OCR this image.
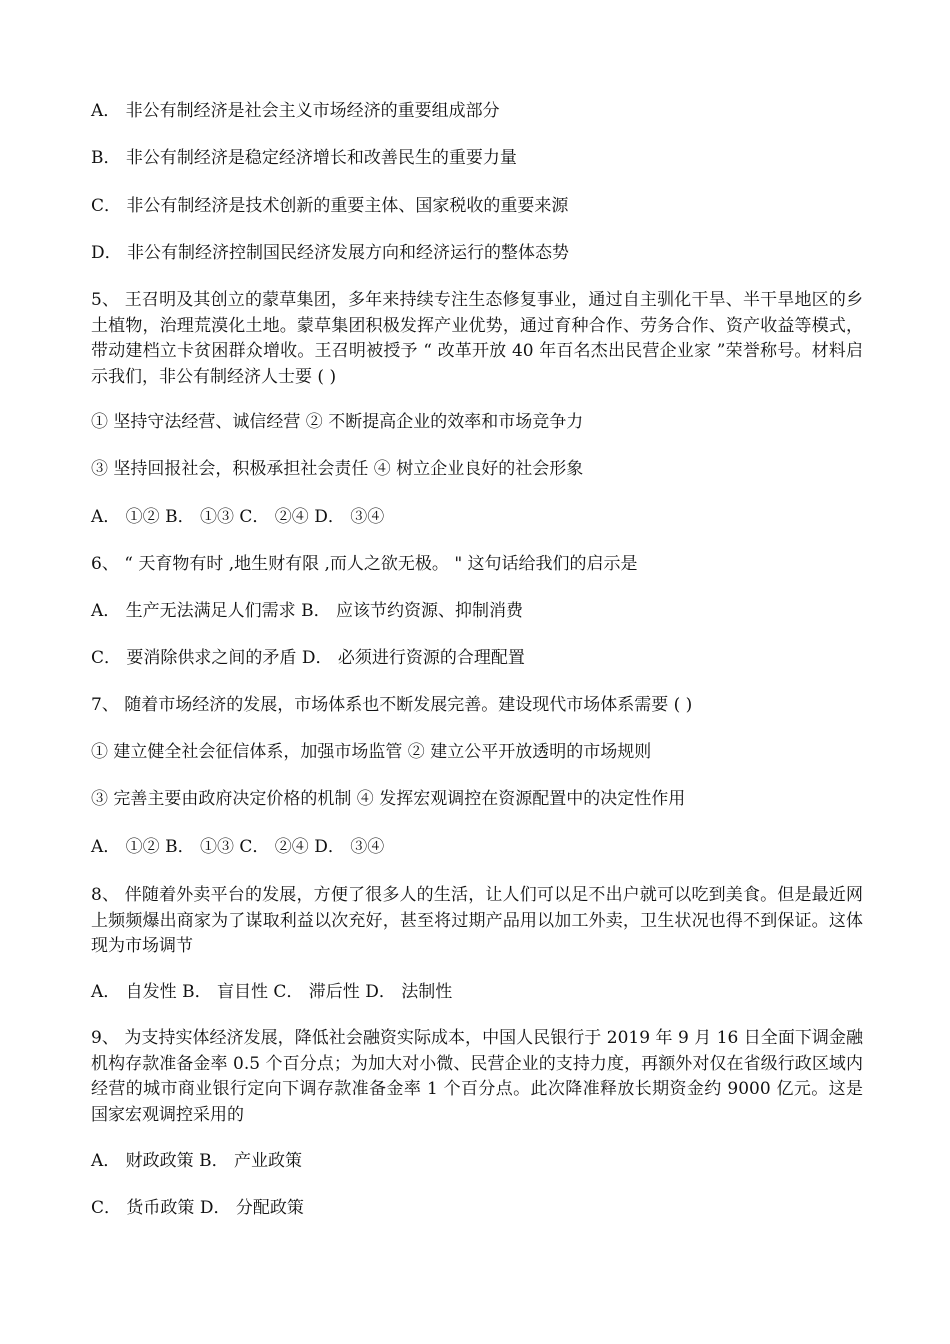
A． 非公有制经济是社会主义市场经济的重要组成部分
B． 非公有制经济是稳定经济增长和改善民生的重要力量
C． 非公有制经济是技术创新的重要主体、国家税收的重要来源
D． 非公有制经济控制国民经济发展方向和经济运行的整体态势
5、 王召明及其创立的蒙草集团，多年来持续专注生态修复事业，通过自主驯化干旱、半干旱地区的乡土植物，治理荒漠化土地。蒙草集团积极发挥产业优势，通过育种合作、劳务合作、资产收益等模式，带动建档立卡贫困群众增收。王召明被授予 “ 改革开放 40 年百名杰出民营企业家 ”荣誉称号。材料启示我们，非公有制经济人士要 ( )
① 坚持守法经营、诚信经营 ② 不断提高企业的效率和市场竞争力
③ 坚持回报社会，积极承担社会责任 ④ 树立企业良好的社会形象
A． ①② B． ①③ C． ②④ D． ③④
6、 “ 天育物有时 ,地生财有限 ,而人之欲无极。 " 这句话给我们的启示是
A． 生产无法满足人们需求 B． 应该节约资源、抑制消费
C． 要消除供求之间的矛盾 D． 必须进行资源的合理配置
7、 随着市场经济的发展，市场体系也不断发展完善。建设现代市场体系需要 ( )
① 建立健全社会征信体系，加强市场监管 ② 建立公平开放透明的市场规则
③ 完善主要由政府决定价格的机制 ④ 发挥宏观调控在资源配置中的决定性作用
A． ①② B． ①③ C． ②④ D． ③④
8、 伴随着外卖平台的发展，方便了很多人的生活，让人们可以足不出户就可以吃到美食。但是最近网上频频爆出商家为了谋取利益以次充好，甚至将过期产品用以加工外卖，卫生状况也得不到保证。这体现为市场调节
A． 自发性 B． 盲目性 C． 滞后性 D． 法制性
9、 为支持实体经济发展，降低社会融资实际成本，中国人民银行于 2019 年 9 月 16 日全面下调金融机构存款准备金率 0.5 个百分点；为加大对小微、民营企业的支持力度，再额外对仅在省级行政区域内经营的城市商业银行定向下调存款准备金率 1 个百分点。此次降准释放长期资金约 9000 亿元。这是国家宏观调控采用的
A． 财政政策 B． 产业政策
C． 货币政策 D． 分配政策
